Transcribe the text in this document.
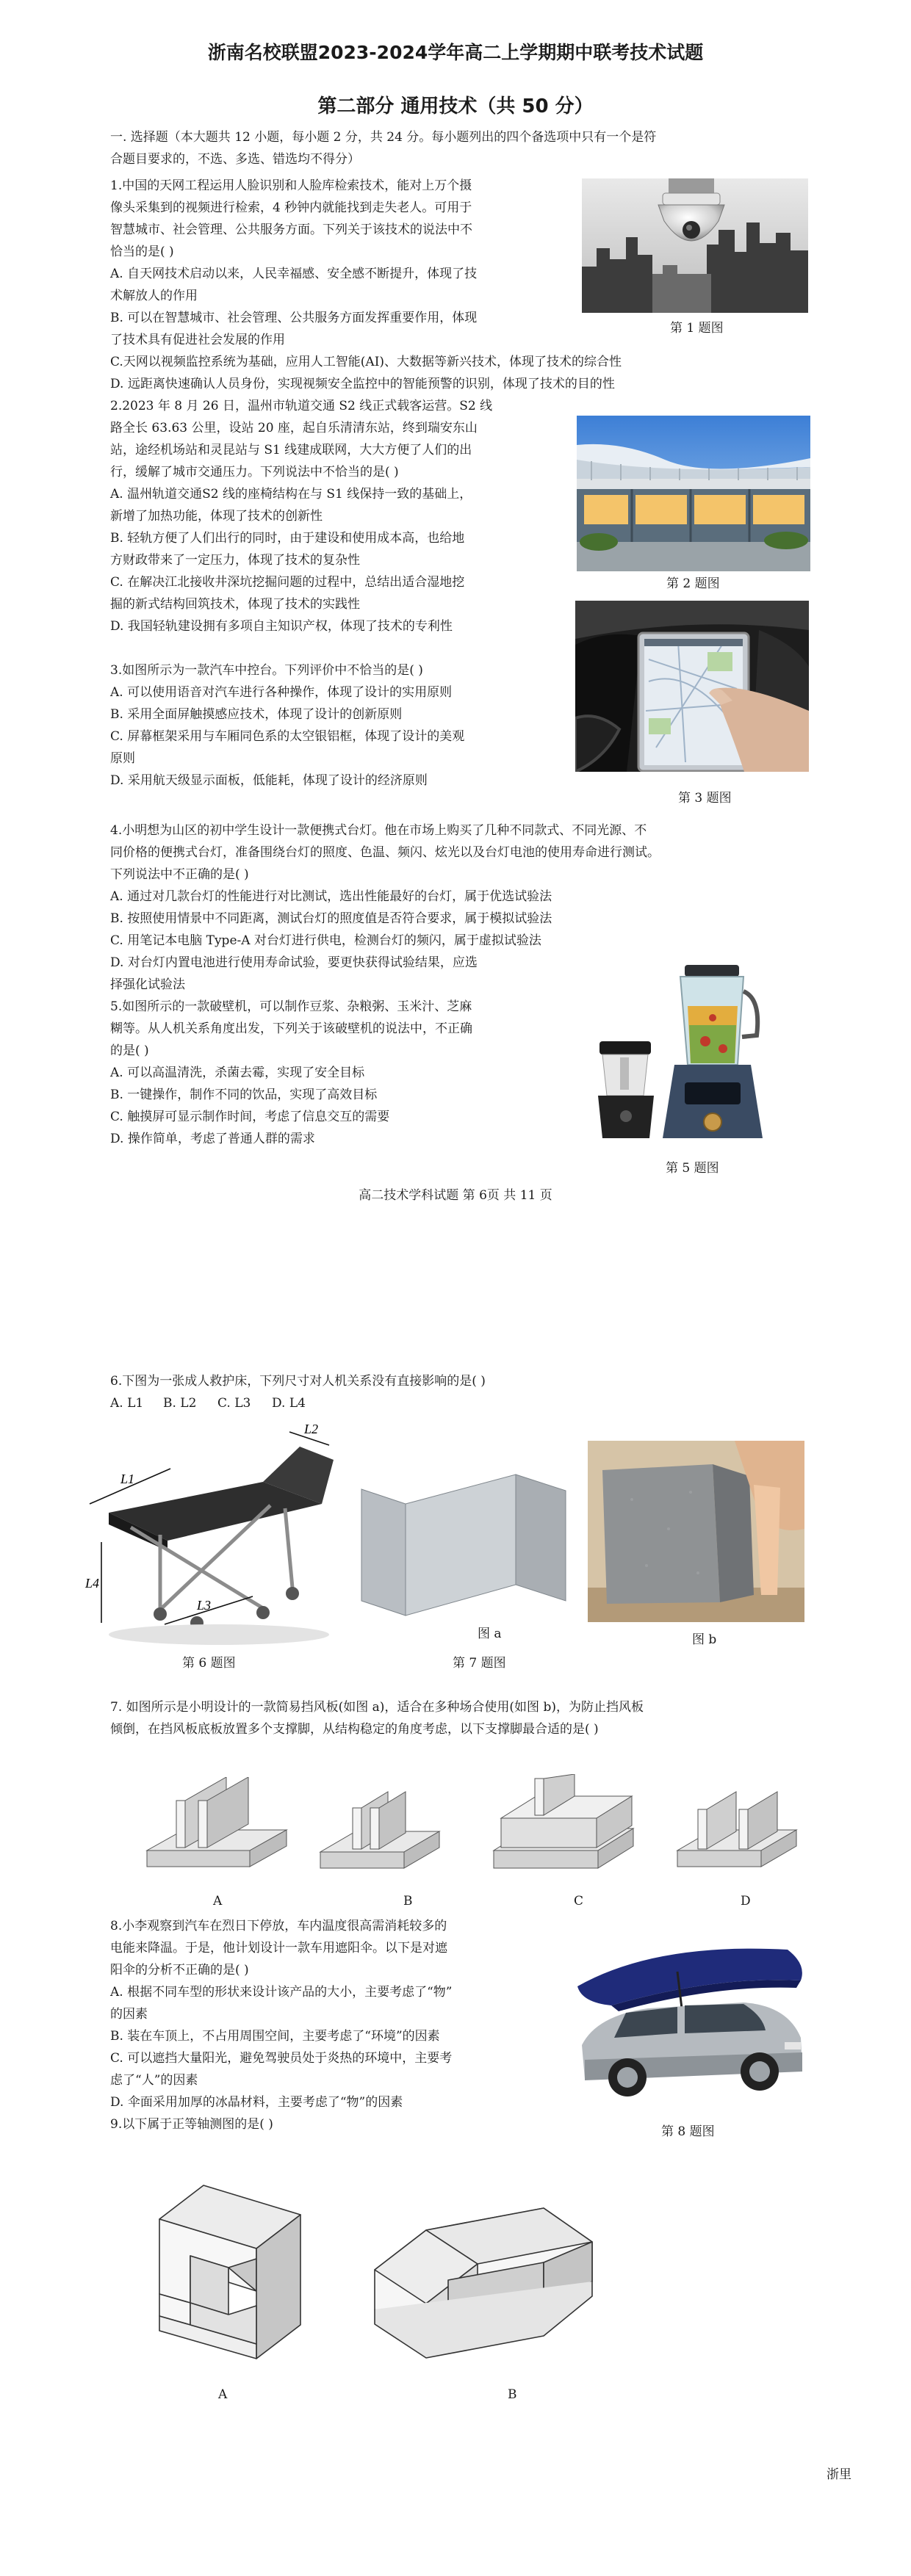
浙南名校联盟2023-2024学年高二上学期期中联考技术试题
第二部分 通用技术（共 50 分）
一. 选择题（本大题共 12 小题，每小题 2 分，共 24 分。每小题列出的四个备选项中只有一个是符
合题目要求的，不选、多选、错选均不得分）
1.中国的天网工程运用人脸识别和人脸库检索技术，能对上万个摄
像头采集到的视频进行检索，4 秒钟内就能找到走失老人。可用于
智慧城市、社会管理、公共服务方面。下列关于该技术的说法中不
恰当的是( )
A. 自天网技术启动以来，人民幸福感、安全感不断提升，体现了技
术解放人的作用
B. 可以在智慧城市、社会管理、公共服务方面发挥重要作用，体现
了技术具有促进社会发展的作用
C.天网以视频监控系统为基础，应用人工智能(AI)、大数据等新兴技术，体现了技术的综合性
D. 远距离快速确认人员身份，实现视频安全监控中的智能预警的识别，体现了技术的目的性
第 1 题图
2.2023 年 8 月 26 日，温州市轨道交通 S2 线正式载客运营。S2 线
路全长 63.63 公里，设站 20 座，起自乐清清东站，终到瑞安东山
站，途经机场站和灵昆站与 S1 线建成联网，大大方便了人们的出
行，缓解了城市交通压力。下列说法中不恰当的是( )
A. 温州轨道交通S2 线的座椅结构在与 S1 线保持一致的基础上，
新增了加热功能，体现了技术的创新性
B. 轻轨方便了人们出行的同时，由于建设和使用成本高，也给地
方财政带来了一定压力，体现了技术的复杂性
C. 在解决江北接收井深坑挖掘问题的过程中，总结出适合湿地挖
掘的新式结构回筑技术，体现了技术的实践性
D. 我国轻轨建设拥有多项自主知识产权，体现了技术的专利性
第 2 题图
3.如图所示为一款汽车中控台。下列评价中不恰当的是( )
A. 可以使用语音对汽车进行各种操作，体现了设计的实用原则
B. 采用全面屏触摸感应技术，体现了设计的创新原则
C. 屏幕框架采用与车厢同色系的太空银铝框，体现了设计的美观
原则
D. 采用航天级显示面板，低能耗，体现了设计的经济原则
第 3 题图
4.小明想为山区的初中学生设计一款便携式台灯。他在市场上购买了几种不同款式、不同光源、不
同价格的便携式台灯，准备围绕台灯的照度、色温、频闪、炫光以及台灯电池的使用寿命进行测试。
下列说法中不正确的是( )
A. 通过对几款台灯的性能进行对比测试，选出性能最好的台灯，属于优选试验法
B. 按照使用情景中不同距离，测试台灯的照度值是否符合要求，属于模拟试验法
C. 用笔记本电脑 Type-A 对台灯进行供电，检测台灯的频闪，属于虚拟试验法
D. 对台灯内置电池进行使用寿命试验，要更快获得试验结果，应选
择强化试验法
5.如图所示的一款破壁机，可以制作豆浆、杂粮粥、玉米汁、芝麻
糊等。从人机关系角度出发，下列关于该破壁机的说法中，不正确
的是( )
A. 可以高温清洗，杀菌去霉，实现了安全目标
B. 一键操作，制作不同的饮品，实现了高效目标
C. 触摸屏可显示制作时间，考虑了信息交互的需要
D. 操作简单，考虑了普通人群的需求
第 5 题图
高二技术学科试题 第 6页 共 11 页
6.下图为一张成人救护床，下列尺寸对人机关系没有直接影响的是( )
A. L1 B. L2 C. L3 D. L4
L1
L2
L3
L4
第 6 题图
图 a	图 b
第 7 题图
7. 如图所示是小明设计的一款简易挡风板(如图 a)，适合在多种场合使用(如图 b)，为防止挡风板
倾倒，在挡风板底板放置多个支撑脚，从结构稳定的角度考虑，以下支撑脚最合适的是( )
A	B	C	D
8.小李观察到汽车在烈日下停放，车内温度很高需消耗较多的
电能来降温。于是，他计划设计一款车用遮阳伞。以下是对遮
阳伞的分析不正确的是( )
A. 根据不同车型的形状来设计该产品的大小，主要考虑了“物”
的因素
B. 装在车顶上，不占用周围空间，主要考虑了“环境”的因素
C. 可以遮挡大量阳光，避免驾驶员处于炎热的环境中，主要考
虑了“人”的因素
D. 伞面采用加厚的冰晶材料，主要考虑了“物”的因素
第 8 题图
9.以下属于正等轴测图的是( )
A	B
浙里
